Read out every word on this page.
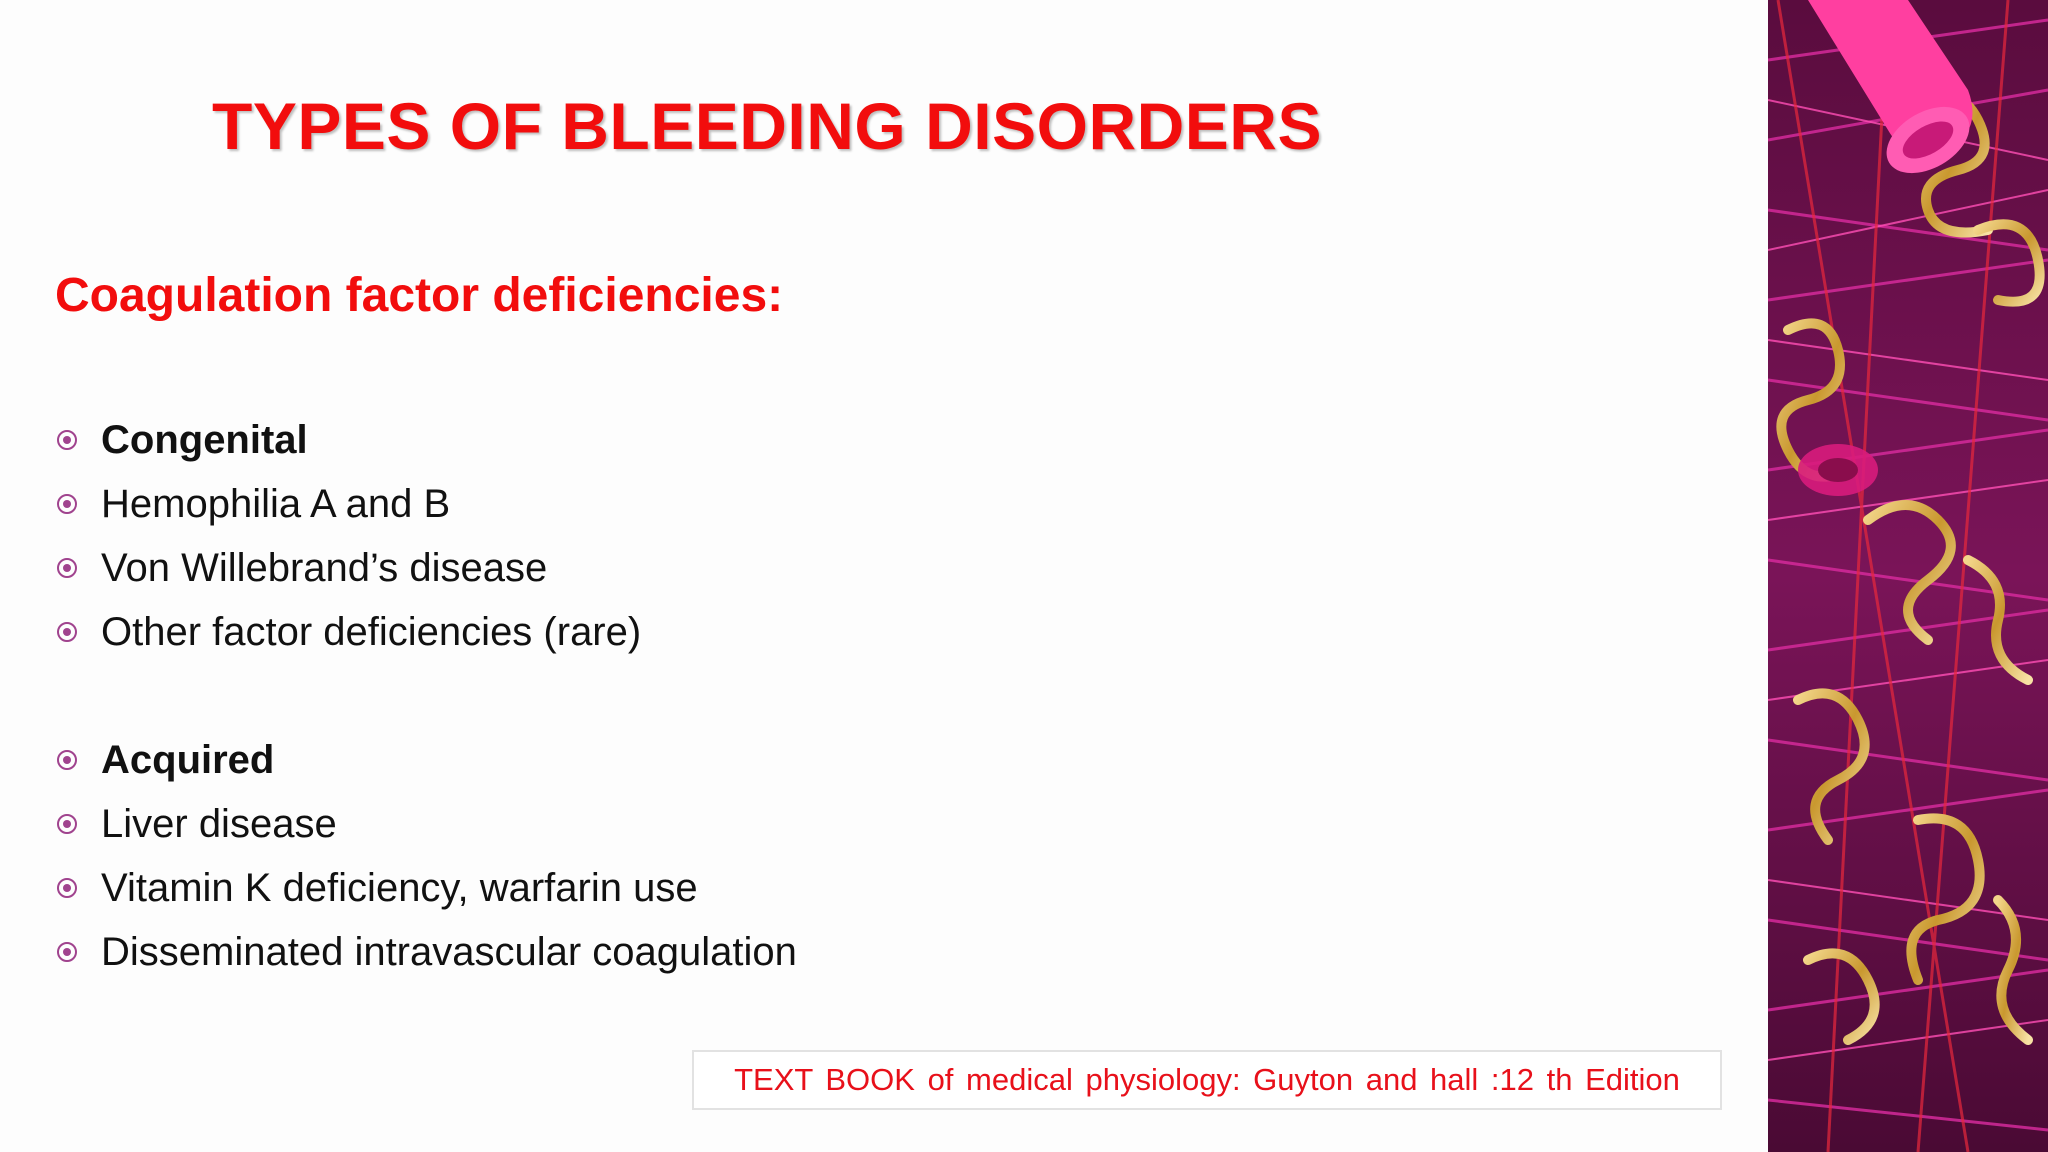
TYPES OF BLEEDING DISORDERS
Coagulation factor deficiencies:
Congenital
Hemophilia A and B
Von Willebrand’s disease
Other factor deficiencies (rare)
Acquired
Liver disease
Vitamin K deficiency, warfarin use
Disseminated intravascular coagulation
TEXT BOOK of medical physiology: Guyton and hall :12 th Edition
